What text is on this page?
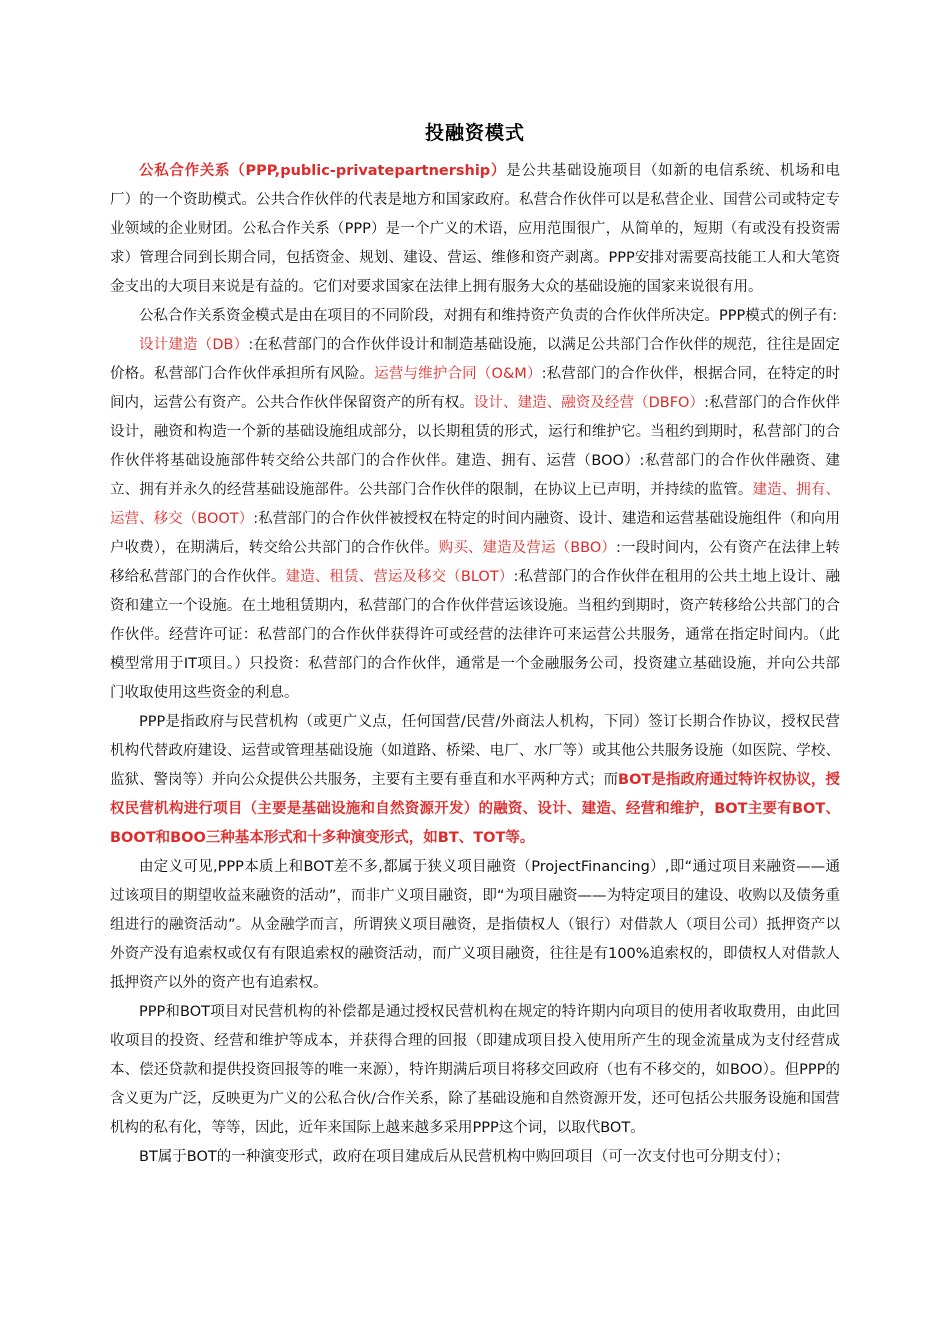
投融资模式

公私合作关系（PPP,public-privatepartnership）是公共基础设施项目（如新的电信系统、机场和电厂）的一个资助模式。公共合作伙伴的代表是地方和国家政府。私营合作伙伴可以是私营企业、国营公司或特定专业领域的企业财团。公私合作关系（PPP）是一个广义的术语，应用范围很广，从简单的，短期（有或没有投资需求）管理合同到长期合同，包括资金、规划、建设、营运、维修和资产剥离。PPP安排对需要高技能工人和大笔资金支出的大项目来说是有益的。它们对要求国家在法律上拥有服务大众的基础设施的国家来说很有用。

公私合作关系资金模式是由在项目的不同阶段，对拥有和维持资产负责的合作伙伴所决定。PPP模式的例子有:

设计建造（DB）:在私营部门的合作伙伴设计和制造基础设施，以满足公共部门合作伙伴的规范，往往是固定价格。私营部门合作伙伴承担所有风险。运营与维护合同（O&M）:私营部门的合作伙伴，根据合同，在特定的时间内，运营公有资产。公共合作伙伴保留资产的所有权。设计、建造、融资及经营（DBFO）:私营部门的合作伙伴设计，融资和构造一个新的基础设施组成部分，以长期租赁的形式，运行和维护它。当租约到期时，私营部门的合作伙伴将基础设施部件转交给公共部门的合作伙伴。建造、拥有、运营（BOO）:私营部门的合作伙伴融资、建立、拥有并永久的经营基础设施部件。公共部门合作伙伴的限制，在协议上已声明，并持续的监管。建造、拥有、运营、移交（BOOT）:私营部门的合作伙伴被授权在特定的时间内融资、设计、建造和运营基础设施组件（和向用户收费），在期满后，转交给公共部门的合作伙伴。购买、建造及营运（BBO）:一段时间内，公有资产在法律上转移给私营部门的合作伙伴。建造、租赁、营运及移交（BLOT）:私营部门的合作伙伴在租用的公共土地上设计、融资和建立一个设施。在土地租赁期内，私营部门的合作伙伴营运该设施。当租约到期时，资产转移给公共部门的合作伙伴。经营许可证：私营部门的合作伙伴获得许可或经营的法律许可来运营公共服务，通常在指定时间内。（此模型常用于IT项目。）只投资：私营部门的合作伙伴，通常是一个金融服务公司，投资建立基础设施，并向公共部门收取使用这些资金的利息。

PPP是指政府与民营机构（或更广义点，任何国营/民营/外商法人机构，下同）签订长期合作协议，授权民营机构代替政府建设、运营或管理基础设施（如道路、桥梁、电厂、水厂等）或其他公共服务设施（如医院、学校、监狱、警岗等）并向公众提供公共服务，主要有主要有垂直和水平两种方式；而BOT是指政府通过特许权协议，授权民营机构进行项目（主要是基础设施和自然资源开发）的融资、设计、建造、经营和维护，BOT主要有BOT、BOOT和BOO三种基本形式和十多种演变形式，如BT、TOT等。

由定义可见,PPP本质上和BOT差不多,都属于狭义项目融资（ProjectFinancing）,即“通过项目来融资——通过该项目的期望收益来融资的活动”，而非广义项目融资，即“为项目融资——为特定项目的建设、收购以及债务重组进行的融资活动”。从金融学而言，所谓狭义项目融资，是指债权人（银行）对借款人（项目公司）抵押资产以外资产没有追索权或仅有有限追索权的融资活动，而广义项目融资，往往是有100%追索权的，即债权人对借款人抵押资产以外的资产也有追索权。

PPP和BOT项目对民营机构的补偿都是通过授权民营机构在规定的特许期内向项目的使用者收取费用，由此回收项目的投资、经营和维护等成本，并获得合理的回报（即建成项目投入使用所产生的现金流量成为支付经营成本、偿还贷款和提供投资回报等的唯一来源），特许期满后项目将移交回政府（也有不移交的，如BOO）。但PPP的含义更为广泛，反映更为广义的公私合伙/合作关系，除了基础设施和自然资源开发，还可包括公共服务设施和国营机构的私有化，等等，因此，近年来国际上越来越多采用PPP这个词，以取代BOT。

BT属于BOT的一种演变形式，政府在项目建成后从民营机构中购回项目（可一次支付也可分期支付）；
